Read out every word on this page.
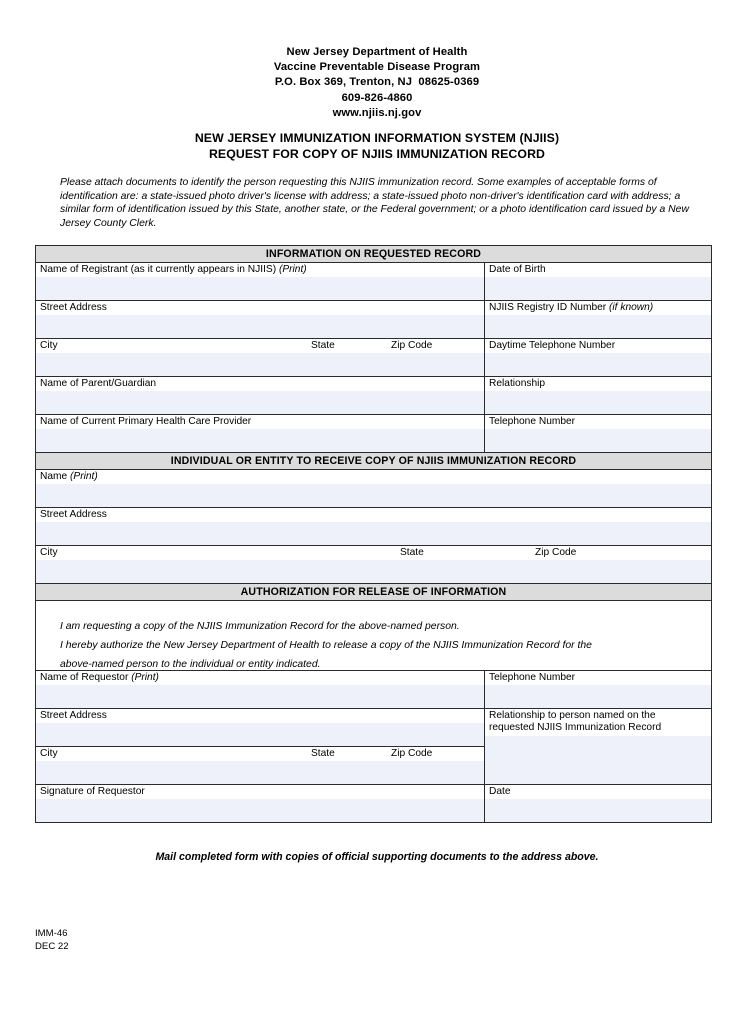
New Jersey Department of Health
Vaccine Preventable Disease Program
P.O. Box 369, Trenton, NJ  08625-0369
609-826-4860
www.njiis.nj.gov
NEW JERSEY IMMUNIZATION INFORMATION SYSTEM (NJIIS)
REQUEST FOR COPY OF NJIIS IMMUNIZATION RECORD
Please attach documents to identify the person requesting this NJIIS immunization record. Some examples of acceptable forms of identification are: a state-issued photo driver's license with address; a state-issued photo non-driver's identification card with address; a similar form of identification issued by this State, another state, or the Federal government; or a photo identification card issued by a New Jersey County Clerk.
INFORMATION ON REQUESTED RECORD	

Name of Registrant (as it currently appears in NJIIS) (Print)	Date of Birth

Street Address	NJIIS Registry ID Number (if known)

City State Zip Code	Daytime Telephone Number

Name of Parent/Guardian	Relationship

Name of Current Primary Health Care Provider	Telephone Number

INDIVIDUAL OR ENTITY TO RECEIVE COPY OF NJIIS IMMUNIZATION RECORD	

Name (Print)	

Street Address	

City State Zip Code	

AUTHORIZATION FOR RELEASE OF INFORMATION	

I am requesting a copy of the NJIIS Immunization Record for the above-named person.
I hereby authorize the New Jersey Department of Health to release a copy of the NJIIS Immunization Record for the
above-named person to the individual or entity indicated.	

Name of Requestor (Print)	Telephone Number

Street Address	Relationship to person named on the requested NJIIS Immunization Record

City State Zip Code	

Signature of Requestor	Date
Mail completed form with copies of official supporting documents to the address above.
IMM-46
DEC 22
